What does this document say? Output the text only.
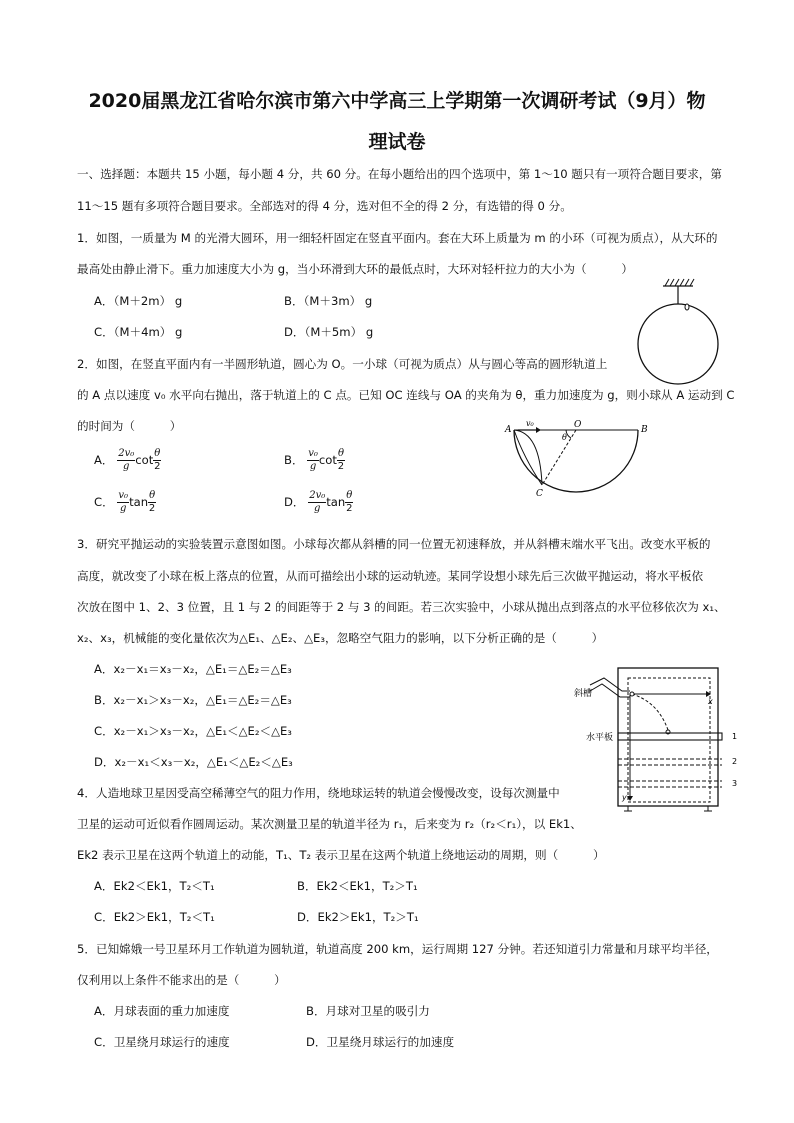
2020届黑龙江省哈尔滨市第六中学高三上学期第一次调研考试（9月）物
理试卷
一、选择题：本题共 15 小题，每小题 4 分，共 60 分。在每小题给出的四个选项中，第 1～10 题只有一项符合题目要求，第
11～15 题有多项符合题目要求。全部选对的得 4 分，选对但不全的得 2 分，有选错的得 0 分。
1．如图，一质量为 M 的光滑大圆环，用一细轻杆固定在竖直平面内。套在大环上质量为 m 的小环（可视为质点），从大环的
最高处由静止滑下。重力加速度大小为 g，当小环滑到大环的最低点时，大环对轻杆拉力的大小为（　　　）
A．（M＋2m） g	B．（M＋3m） g
C．（M＋4m） g	D．（M＋5m） g
2．如图，在竖直平面内有一半圆形轨道，圆心为 O。一小球（可视为质点）从与圆心等高的圆形轨道上
的 A 点以速度 v₀ 水平向右抛出，落于轨道上的 C 点。已知 OC 连线与 OA 的夹角为 θ，重力加速度为 g，则小球从 A 运动到 C
的时间为（　　　）
A． $\frac{\text{2v₀}}{g}$ $\cot \frac{\theta}{2}$	B． $\frac{\text{v₀}}{g}$ $\cot \frac{\theta}{2}$
C． $\frac{\text{v₀}}{g}$ $\tan \frac{\theta}{2}$	D． $\frac{\text{2v₀}}{g}$ $\tan \frac{\theta}{2}$
A
v₀	O
θ
B
C
3．研究平抛运动的实验装置示意图如图。小球每次都从斜槽的同一位置无初速释放，并从斜槽末端水平飞出。改变水平板的
高度，就改变了小球在板上落点的位置，从而可描绘出小球的运动轨迹。某同学设想小球先后三次做平抛运动，将水平板依
次放在图中 1、2、3 位置，且 1 与 2 的间距等于 2 与 3 的间距。若三次实验中，小球从抛出点到落点的水平位移依次为 x₁、
x₂、x₃，机械能的变化量依次为△E₁、△E₂、△E₃，忽略空气阻力的影响，以下分析正确的是（　　　）
A．x₂－x₁＝x₃－x₂，△E₁＝△E₂＝△E₃
B．x₂－x₁＞x₃－x₂，△E₁＝△E₂＝△E₃
C．x₂－x₁＞x₃－x₂，△E₁＜△E₂＜△E₃
D．x₂－x₁＜x₃－x₂，△E₁＜△E₂＜△E₃
斜槽
水平板
x
y
1
2
3
4．人造地球卫星因受高空稀薄空气的阻力作用，绕地球运转的轨道会慢慢改变，设每次测量中
卫星的运动可近似看作圆周运动。某次测量卫星的轨道半径为 r₁，后来变为 r₂（r₂＜r₁），以 Ek1、
Ek2 表示卫星在这两个轨道上的动能，T₁、T₂ 表示卫星在这两个轨道上绕地运动的周期，则（　　　）
A．Ek2＜Ek1，T₂＜T₁	B．Ek2＜Ek1，T₂＞T₁
C．Ek2＞Ek1，T₂＜T₁	D．Ek2＞Ek1，T₂＞T₁
5．已知嫦娥一号卫星环月工作轨道为圆轨道，轨道高度 200 km，运行周期 127 分钟。若还知道引力常量和月球平均半径，
仅利用以上条件不能求出的是（　　　）
A．月球表面的重力加速度	B．月球对卫星的吸引力
C．卫星绕月球运行的速度	D．卫星绕月球运行的加速度
